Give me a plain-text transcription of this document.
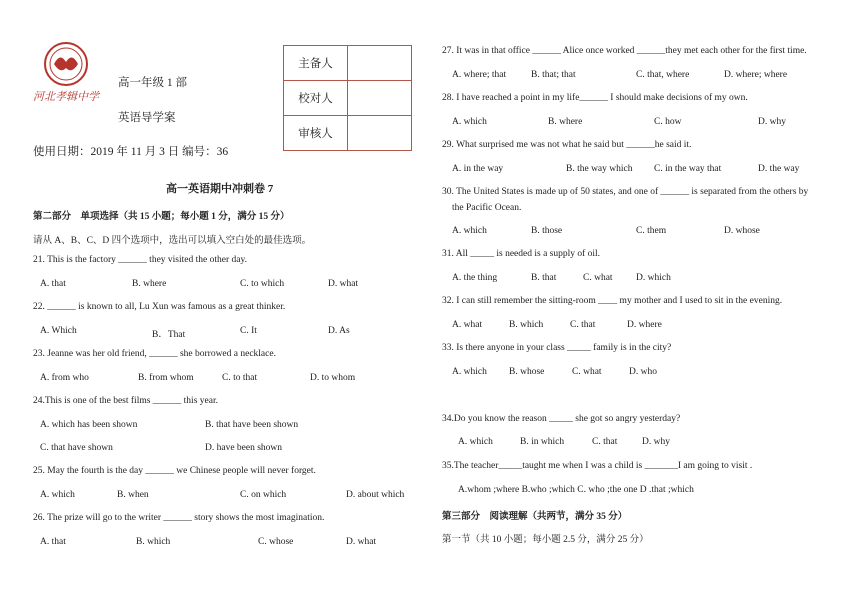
河北孝辑中学
高一年级 1 部
英语导学案
使用日期：2019 年 11 月 3 日 编号：36
主备人	
校对人	
审核人	
高一英语期中冲刺卷 7
第二部分　单项选择（共 15 小题；每小题 1 分，满分 15 分）
请从 A、B、C、D 四个选项中，选出可以填入空白处的最佳选项。
21. This is the factory ______ they visited the other day.
A. that	B. where	C. to which	D. what
22. ______ is known to all, Lu Xun was famous as a great thinker.
A. Which	B．That	C. It	D. As
23. Jeanne was her old friend, ______ she borrowed a necklace.
A. from who	B. from whom	C. to that	D. to whom
24.This is one of the best films ______ this year.
A. which has been shown	B. that have been shown
C. that have shown	D. have been shown
25. May the fourth is the day ______ we Chinese people will never forget.
A. which	B. when	C. on which	D. about which
26. The prize will go to the writer ______ story shows the most imagination.
A. that	B. which	C. whose	D. what
27. It was in that office ______ Alice once worked ______they met each other for the first time.
A. where; that	B. that; that	C. that, where	D. where; where
28. I have reached a point in my life______ I should make decisions of my own.
A. which	B. where	C. how	D. why
29. What surprised me was not what he said but ______he said it.
A. in the way	B. the way which C. in the way that	D. the way
30. The United States is made up of 50 states, and one of ______ is separated from the others by
the Pacific Ocean.
A. which	B. those	C. them	D. whose
31. All _____ is needed is a supply of oil.
A. the thing	B. that	C. what D. which
32. I can still remember the sitting-room ____ my mother and I used to sit in the evening.
A. what	B. which	C. that	D. where
33. Is there anyone in your class _____ family is in the city?
A. which B. whose	C. what	D. who
34.Do you know the reason _____ she got so angry yesterday?
A. which	B. in which	C. that	D. why
35.The teacher_____taught me when I was a child is _______I am going to visit .
A.whom ;where B.who ;which C. who ;the one D .that ;which
第三部分　阅读理解（共两节，满分 35 分）
第一节（共 10 小题；每小题 2.5 分，满分 25 分）
